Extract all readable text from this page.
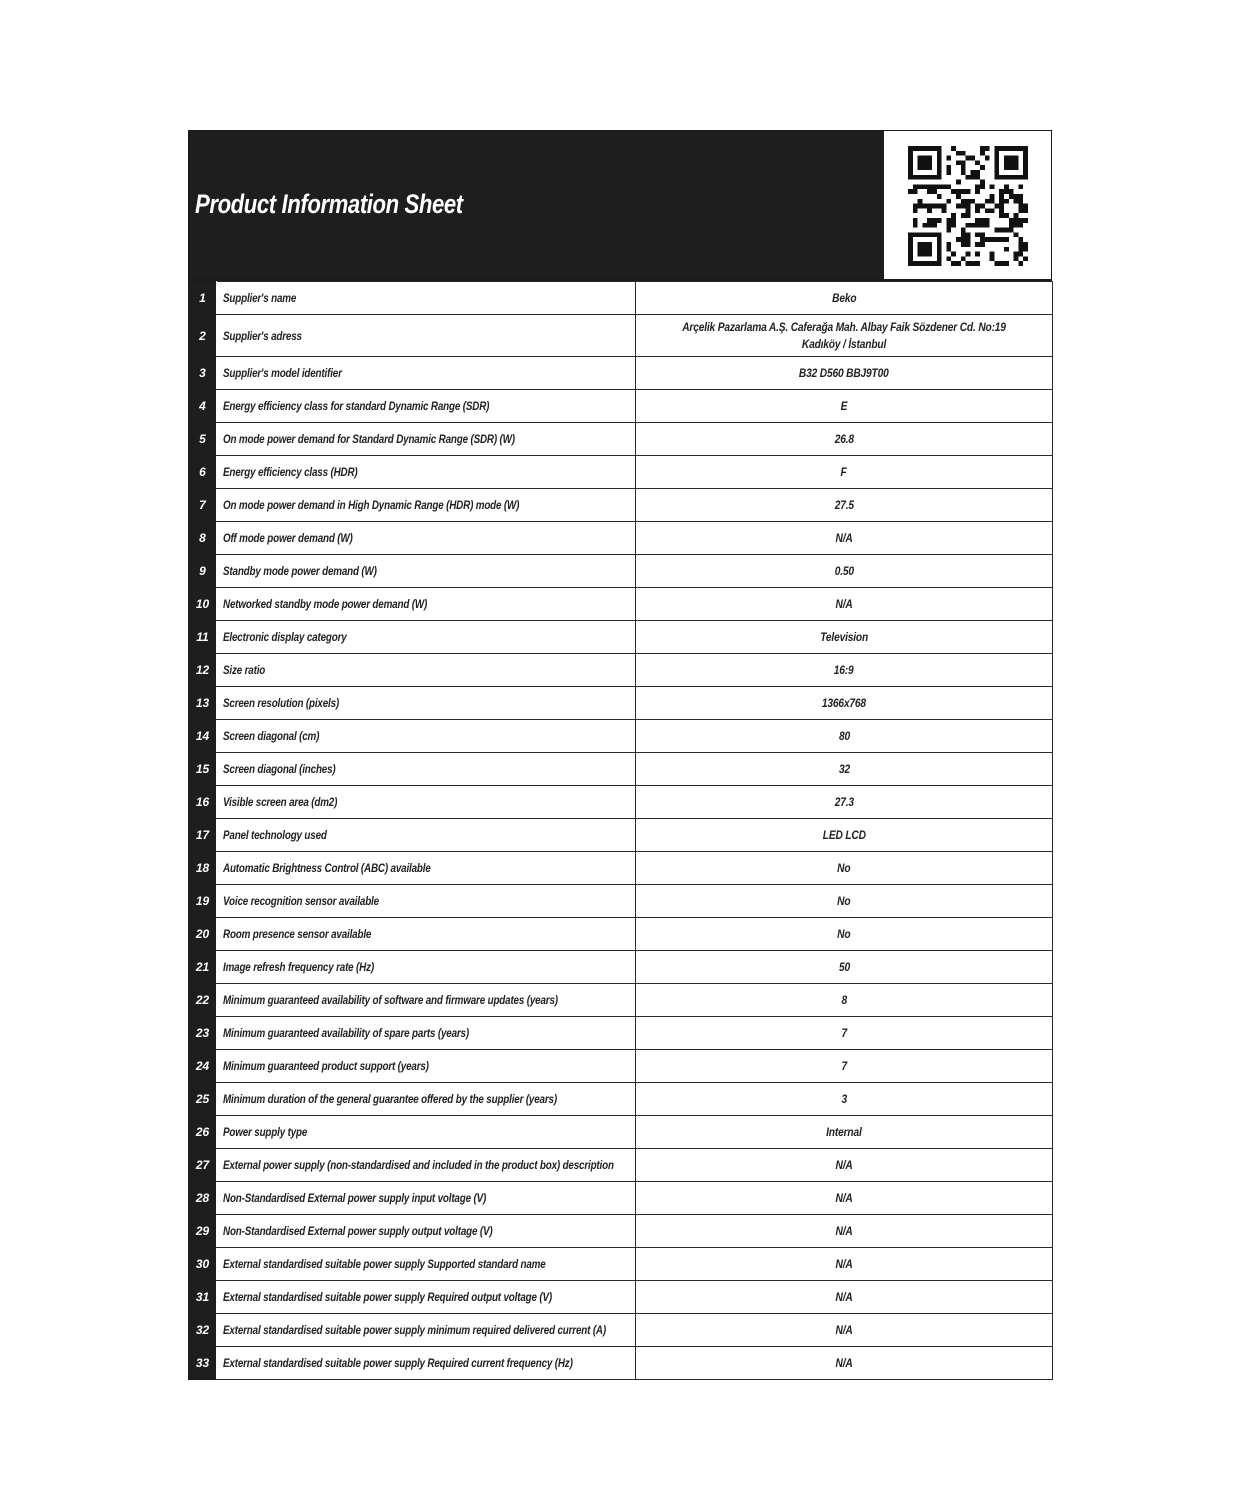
Product Information Sheet
1	Supplier's name	Beko
2	Supplier's adress	Arçelik Pazarlama A.Ş. Caferağa Mah. Albay Faik Sözdener Cd. No:19 Kadıköy / İstanbul
3	Supplier's model identifier	B32 D560 BBJ9T00
4	Energy efficiency class for standard Dynamic Range (SDR)	E
5	On mode power demand for Standard Dynamic Range (SDR) (W)	26.8
6	Energy efficiency class (HDR)	F
7	On mode power demand in High Dynamic Range (HDR) mode (W)	27.5
8	Off mode power demand (W)	N/A
9	Standby mode power demand (W)	0.50
10	Networked standby mode power demand (W)	N/A
11	Electronic display category	Television
12	Size ratio	16:9
13	Screen resolution (pixels)	1366x768
14	Screen diagonal (cm)	80
15	Screen diagonal (inches)	32
16	Visible screen area (dm2)	27.3
17	Panel technology used	LED LCD
18	Automatic Brightness Control (ABC) available	No
19	Voice recognition sensor available	No
20	Room presence sensor available	No
21	Image refresh frequency rate (Hz)	50
22	Minimum guaranteed availability of software and firmware updates (years)	8
23	Minimum guaranteed availability of spare parts (years)	7
24	Minimum guaranteed product support (years)	7
25	Minimum duration of the general guarantee offered by the supplier (years)	3
26	Power supply type	Internal
27	External power supply (non-standardised and included in the product box) description	N/A
28	Non-Standardised External power supply input voltage (V)	N/A
29	Non-Standardised External power supply output voltage (V)	N/A
30	External standardised suitable power supply Supported standard name	N/A
31	External standardised suitable power supply Required output voltage (V)	N/A
32	External standardised suitable power supply minimum required delivered current (A)	N/A
33	External standardised suitable power supply Required current frequency (Hz)	N/A
